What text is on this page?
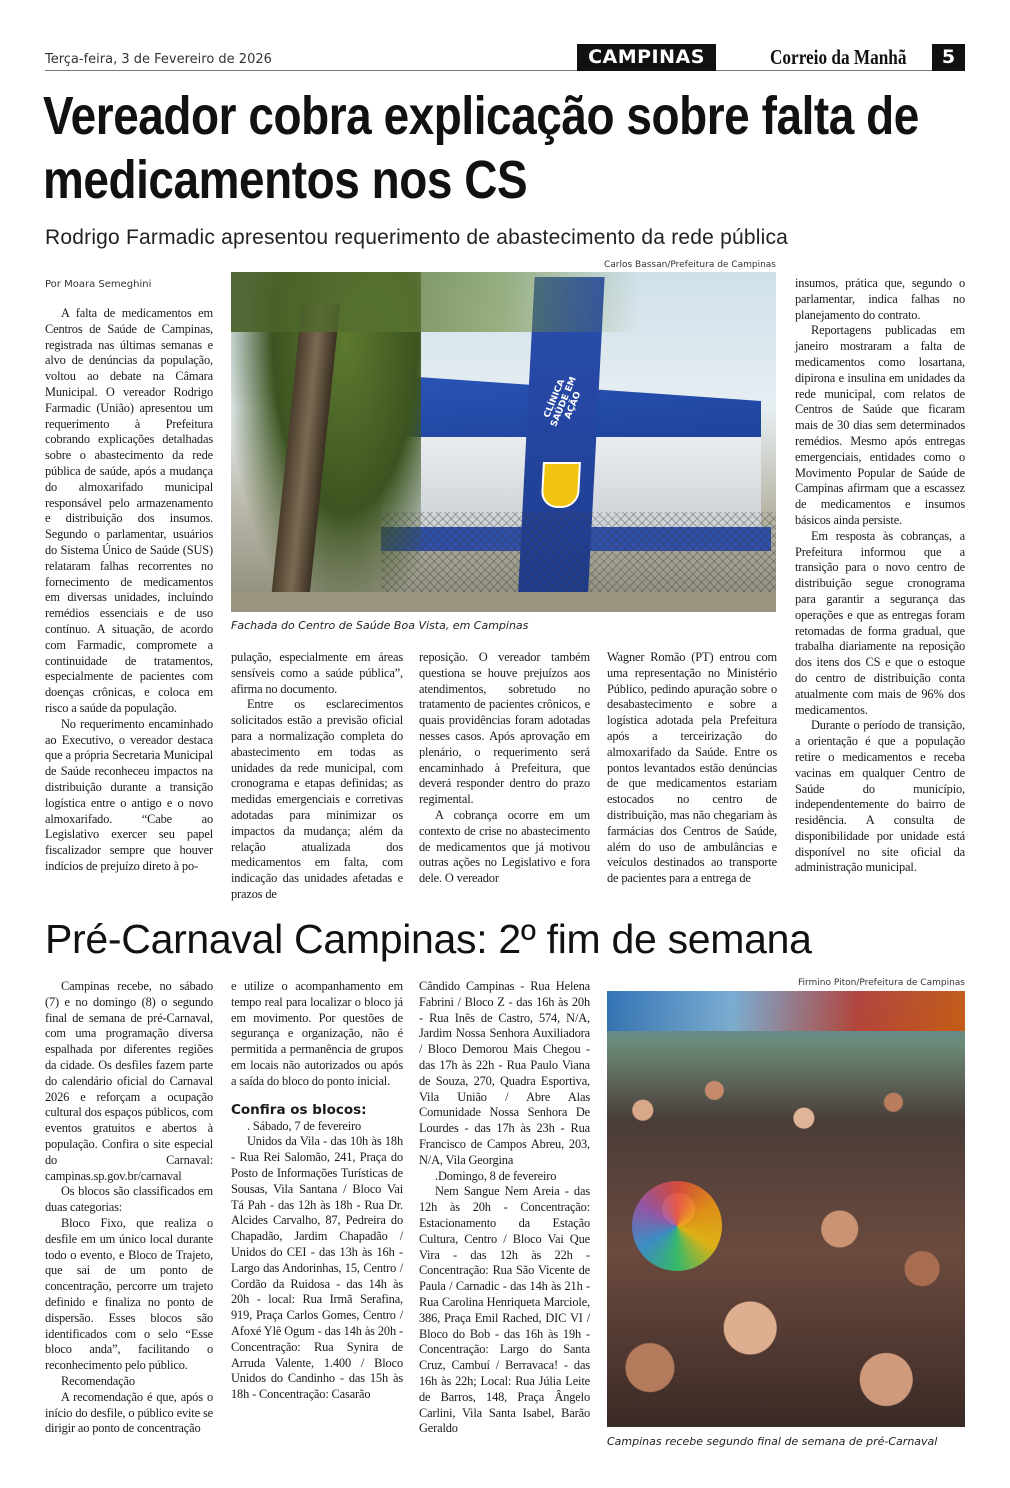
Terça-feira, 3 de Fevereiro de 2026	CAMPINAS	Correio da Manhã	5
Vereador cobra explicação sobre falta de medicamentos nos CS
Rodrigo Farmadic apresentou requerimento de abastecimento da rede pública
Por Moara Semeghini
Carlos Bassan/Prefeitura de Campinas
CLÍNICA SAÚDE EM AÇÃO
Fachada do Centro de Saúde Boa Vista, em Campinas

A falta de medicamentos em Centros de Saúde de Campinas, registrada nas últimas semanas e alvo de denúncias da população, voltou ao debate na Câmara Municipal. O vereador Rodrigo Farmadic (União) apresentou um requerimento à Prefeitura cobrando explicações detalhadas sobre o abastecimento da rede pública de saúde, após a mudança do almoxarifado municipal responsável pelo armazenamento e distribuição dos insumos. Segundo o parlamentar, usuários do Sistema Único de Saúde (SUS) relataram falhas recorrentes no fornecimento de medicamentos em diversas unidades, incluindo remédios essenciais e de uso contínuo. A situação, de acordo com Farmadic, compromete a continuidade de tratamentos, especialmente de pacientes com doenças crônicas, e coloca em risco a saúde da população.

No requerimento encaminhado ao Executivo, o vereador destaca que a própria Secretaria Municipal de Saúde reconheceu impactos na distribuição durante a transição logística entre o antigo e o novo almoxarifado. “Cabe ao Legislativo exercer seu papel fiscalizador sempre que houver indícios de prejuízo direto à po-

pulação, especialmente em áreas sensíveis como a saúde pública”, afirma no documento.

Entre os esclarecimentos solicitados estão a previsão oficial para a normalização completa do abastecimento em todas as unidades da rede municipal, com cronograma e etapas definidas; as medidas emergenciais e corretivas adotadas para minimizar os impactos da mudança; além da relação atualizada dos medicamentos em falta, com indicação das unidades afetadas e prazos de

reposição. O vereador também questiona se houve prejuízos aos atendimentos, sobretudo no tratamento de pacientes crônicos, e quais providências foram adotadas nesses casos. Após aprovação em plenário, o requerimento será encaminhado à Prefeitura, que deverá responder dentro do prazo regimental.

A cobrança ocorre em um contexto de crise no abastecimento de medicamentos que já motivou outras ações no Legislativo e fora dele. O vereador

Wagner Romão (PT) entrou com uma representação no Ministério Público, pedindo apuração sobre o desabastecimento e sobre a logística adotada pela Prefeitura após a terceirização do almoxarifado da Saúde. Entre os pontos levantados estão denúncias de que medicamentos estariam estocados no centro de distribuição, mas não chegariam às farmácias dos Centros de Saúde, além do uso de ambulâncias e veículos destinados ao transporte de pacientes para a entrega de

insumos, prática que, segundo o parlamentar, indica falhas no planejamento do contrato.

Reportagens publicadas em janeiro mostraram a falta de medicamentos como losartana, dipirona e insulina em unidades da rede municipal, com relatos de Centros de Saúde que ficaram mais de 30 dias sem determinados remédios. Mesmo após entregas emergenciais, entidades como o Movimento Popular de Saúde de Campinas afirmam que a escassez de medicamentos e insumos básicos ainda persiste.

Em resposta às cobranças, a Prefeitura informou que a transição para o novo centro de distribuição segue cronograma para garantir a segurança das operações e que as entregas foram retomadas de forma gradual, que trabalha diariamente na reposição dos itens dos CS e que o estoque do centro de distribuição conta atualmente com mais de 96% dos medicamentos.

Durante o período de transição, a orientação é que a população retire o medicamentos e receba vacinas em qualquer Centro de Saúde do município, independentemente do bairro de residência. A consulta de disponibilidade por unidade está disponível no site oficial da administração municipal.

Pré-Carnaval Campinas: 2º fim de semana

Campinas recebe, no sábado (7) e no domingo (8) o segundo final de semana de pré-Carnaval, com uma programação diversa espalhada por diferentes regiões da cidade. Os desfiles fazem parte do calendário oficial do Carnaval 2026 e reforçam a ocupação cultural dos espaços públicos, com eventos gratuitos e abertos à população. Confira o site especial do Carnaval: campinas.sp.gov.br/carnaval

Os blocos são classificados em duas categorias:

Bloco Fixo, que realiza o desfile em um único local durante todo o evento, e Bloco de Trajeto, que sai de um ponto de concentração, percorre um trajeto definido e finaliza no ponto de dispersão. Esses blocos são identificados com o selo “Esse bloco anda”, facilitando o reconhecimento pelo público.

Recomendação

A recomendação é que, após o início do desfile, o público evite se dirigir ao ponto de concentração

e utilize o acompanhamento em tempo real para localizar o bloco já em movimento. Por questões de segurança e organização, não é permitida a permanência de grupos em locais não autorizados ou após a saída do bloco do ponto inicial.

Confira os blocos:

. Sábado, 7 de fevereiro

Unidos da Vila - das 10h às 18h - Rua Rei Salomão, 241, Praça do Posto de Informações Turísticas de Sousas, Vila Santana / Bloco Vai Tá Pah - das 12h às 18h - Rua Dr. Alcides Carvalho, 87, Pedreira do Chapadão, Jardim Chapadão / Unidos do CEI - das 13h às 16h - Largo das Andorinhas, 15, Centro / Cordão da Ruidosa - das 14h às 20h - local: Rua Irmã Serafina, 919, Praça Carlos Gomes, Centro / Afoxé Ylê Ogum - das 14h às 20h - Concentração: Rua Synira de Arruda Valente, 1.400 / Bloco Unidos do Candinho - das 15h às 18h - Concentração: Casarão

Cândido Campinas - Rua Helena Fabrini / Bloco Z - das 16h às 20h - Rua Inês de Castro, 574, N/A, Jardim Nossa Senhora Auxiliadora / Bloco Demorou Mais Chegou - das 17h às 22h - Rua Paulo Viana de Souza, 270, Quadra Esportiva, Vila União / Abre Alas Comunidade Nossa Senhora De Lourdes - das 17h às 23h - Rua Francisco de Campos Abreu, 203, N/A, Vila Georgina

.Domingo, 8 de fevereiro

Nem Sangue Nem Areia - das 12h às 20h - Concentração: Estacionamento da Estação Cultura, Centro / Bloco Vai Que Vira - das 12h às 22h - Concentração: Rua São Vicente de Paula / Carnadic - das 14h às 21h - Rua Carolina Henriqueta Marciole, 386, Praça Emil Rached, DIC VI / Bloco do Bob - das 16h às 19h - Concentração: Largo do Santa Cruz, Cambuí / Berravaca! - das 16h às 22h; Local: Rua Júlia Leite de Barros, 148, Praça Ângelo Carlini, Vila Santa Isabel, Barão Geraldo

Firmino Piton/Prefeitura de Campinas
Campinas recebe segundo final de semana de pré-Carnaval
